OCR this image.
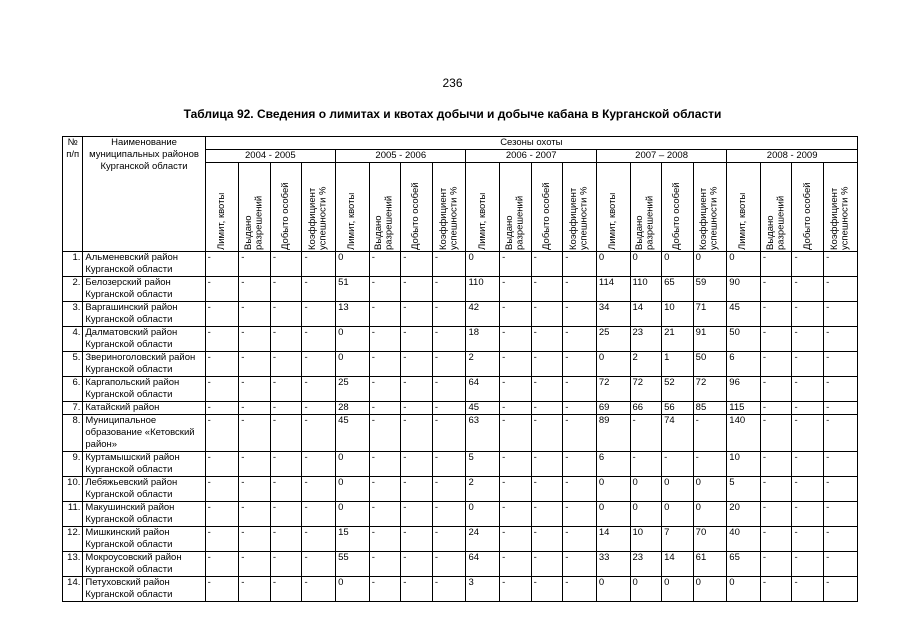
236
Таблица 92. Сведения о лимитах и квотах добычи и добыче кабана в Курганской области
№ п/п	Наименование муниципальных районов Курганской области	Сезоны охоты																			
		2004 - 2005				2005 - 2006				2006 - 2007				2007 – 2008				2008 - 2009			

		Лимит, квоты	Выдано разрешений	Добыто особей	Коэффициент успешности %	Лимит, квоты	Выдано разрешений	Добыто особей	Коэффициент успешности %	Лимит, квоты	Выдано разрешений	Добыто особей	Коэффициент успешности %	Лимит, квоты	Выдано разрешений	Добыто особей	Коэффициент успешности %	Лимит, квоты	Выдано разрешений	Добыто особей	Коэффициент успешности %

1.	Альменевский район Курганской области	-	-	-	-	0	-	-	-	0	-	-	-	0	0	0	0	0	-	-	-
2.	Белозерский район Курганской области	-	-	-	-	51	-	-	-	110	-	-	-	114	110	65	59	90	-	-	-
3.	Варгашинский район Курганской области	-	-	-	-	13	-	-	-	42	-	-	-	34	14	10	71	45	-	-	-
4.	Далматовский район Курганской области	-	-	-	-	0	-	-	-	18	-	-	-	25	23	21	91	50	-	-	-
5.	Звериноголовский район Курганской области	-	-	-	-	0	-	-	-	2	-	-	-	0	2	1	50	6	-	-	-
6.	Каргапольский район Курганской области	-	-	-	-	25	-	-	-	64	-	-	-	72	72	52	72	96	-	-	-
7.	Катайский район	-	-	-	-	28	-	-	-	45	-	-	-	69	66	56	85	115	-	-	-
8.	Муниципальное образование «Кетовский район»	-	-	-	-	45	-	-	-	63	-	-	-	89	-	74	-	140	-	-	-
9.	Куртамышский район Курганской области	-	-	-	-	0	-	-	-	5	-	-	-	6	-	-	-	10	-	-	-
10.	Лебяжьевский район Курганской области	-	-	-	-	0	-	-	-	2	-	-	-	0	0	0	0	5	-	-	-
11.	Макушинский район Курганской области	-	-	-	-	0	-	-	-	0	-	-	-	0	0	0	0	20	-	-	-
12.	Мишкинский район Курганской области	-	-	-	-	15	-	-	-	24	-	-	-	14	10	7	70	40	-	-	-
13.	Мокроусовский район Курганской области	-	-	-	-	55	-	-	-	64	-	-	-	33	23	14	61	65	-	-	-
14.	Петуховский район Курганской области	-	-	-	-	0	-	-	-	3	-	-	-	0	0	0	0	0	-	-	-
